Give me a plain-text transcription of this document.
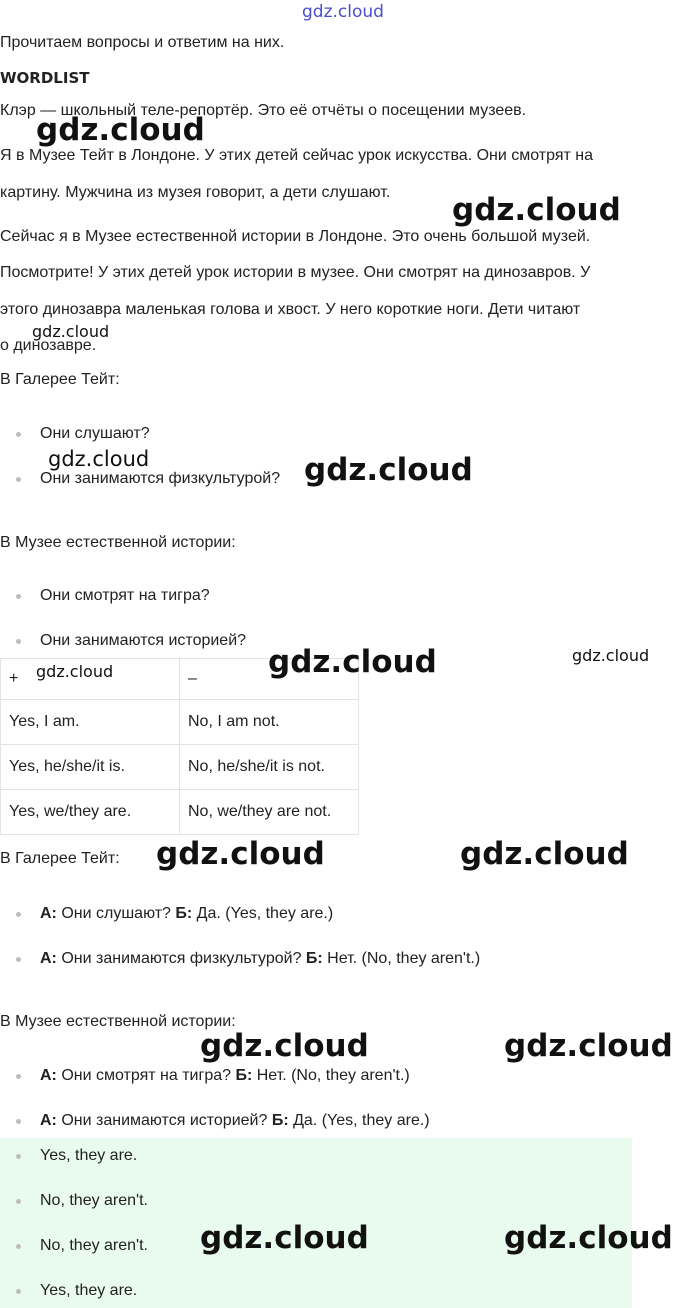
gdz.cloud
Прочитаем вопросы и ответим на них.
WORDLIST
Клэр — школьный теле-репортёр. Это её отчёты о посещении музеев.
Я в Музее Тейт в Лондоне. У этих детей сейчас урок искусства. Они смотрят на
картину. Мужчина из музея говорит, а дети слушают.
Сейчас я в Музее естественной истории в Лондоне. Это очень большой музей.
Посмотрите! У этих детей урок истории в музее. Они смотрят на динозавров. У
этого динозавра маленькая голова и хвост. У него короткие ноги. Дети читают
о динозавре.
В Галерее Тейт:
Они слушают?
Они занимаются физкультурой?
В Музее естественной истории:
Они смотрят на тигра?
Они занимаются историей?
+	–
Yes, I am.	No, I am not.
Yes, he/she/it is.	No, he/she/it is not.
Yes, we/they are.	No, we/they are not.
В Галерее Тейт:
А: Они слушают? Б: Да. (Yes, they are.)
А: Они занимаются физкультурой? Б: Нет. (No, they aren't.)
В Музее естественной истории:
А: Они смотрят на тигра? Б: Нет. (No, they aren't.)
А: Они занимаются историей? Б: Да. (Yes, they are.)
Yes, they are.
No, they aren't.
No, they aren't.
Yes, they are.
gdz.cloud
gdz.cloud
gdz.cloud
gdz.cloud	gdz.cloud
gdz.cloud	gdz.cloud	gdz.cloud
gdz.cloud	gdz.cloud
gdz.cloud	gdz.cloud
gdz.cloud	gdz.cloud
